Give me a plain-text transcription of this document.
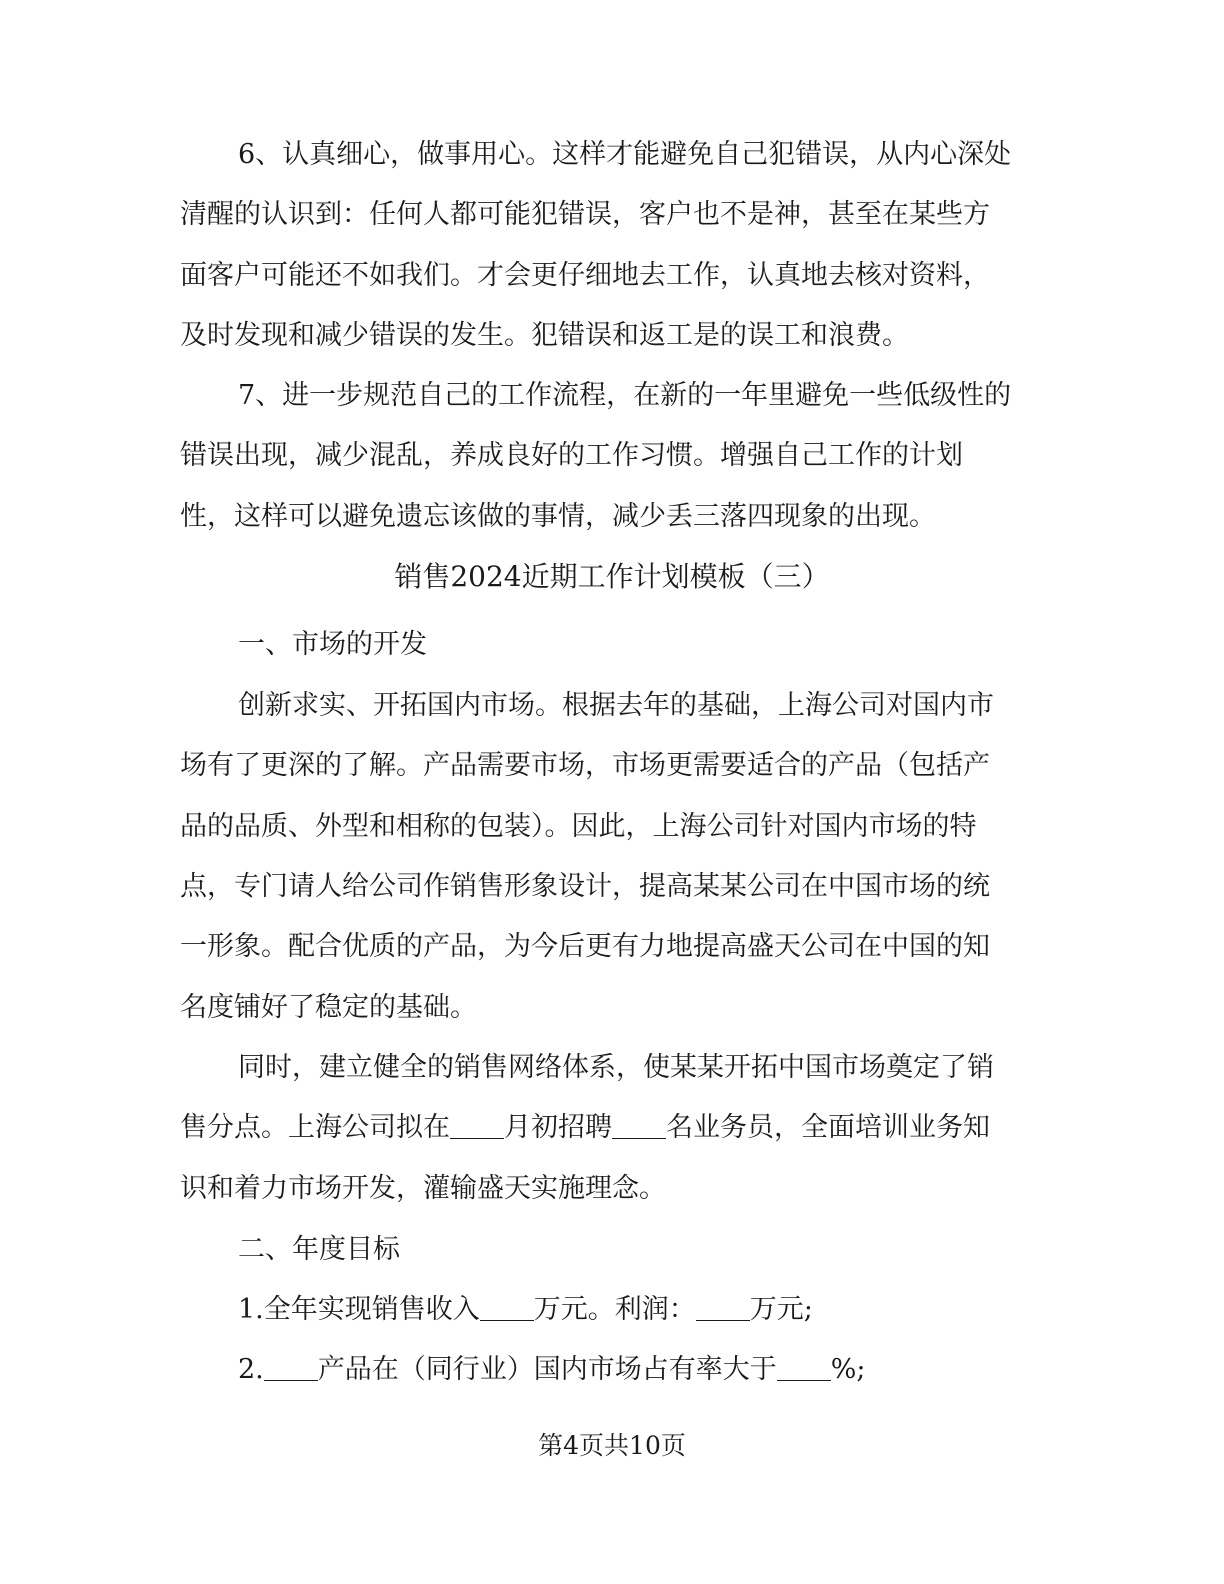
6、认真细心，做事用心。这样才能避免自己犯错误，从内心深处

清醒的认识到：任何人都可能犯错误，客户也不是神，甚至在某些方

面客户可能还不如我们。才会更仔细地去工作，认真地去核对资料，

及时发现和减少错误的发生。犯错误和返工是的误工和浪费。

7、进一步规范自己的工作流程，在新的一年里避免一些低级性的

错误出现，减少混乱，养成良好的工作习惯。增强自己工作的计划

性，这样可以避免遗忘该做的事情，减少丢三落四现象的出现。

销售2024近期工作计划模板（三）

一、市场的开发

创新求实、开拓国内市场。根据去年的基础，上海公司对国内市

场有了更深的了解。产品需要市场，市场更需要适合的产品（包括产

品的品质、外型和相称的包装）。因此，上海公司针对国内市场的特

点，专门请人给公司作销售形象设计，提高某某公司在中国市场的统

一形象。配合优质的产品，为今后更有力地提高盛天公司在中国的知

名度铺好了稳定的基础。

同时，建立健全的销售网络体系，使某某开拓中国市场奠定了销

售分点。上海公司拟在 月初招聘 名业务员，全面培训业务知

识和着力市场开发，灌输盛天实施理念。

二、年度目标

1.全年实现销售收入 万元。利润： 万元;

2. 产品在（同行业）国内市场占有率大于 %;

第4页共10页
